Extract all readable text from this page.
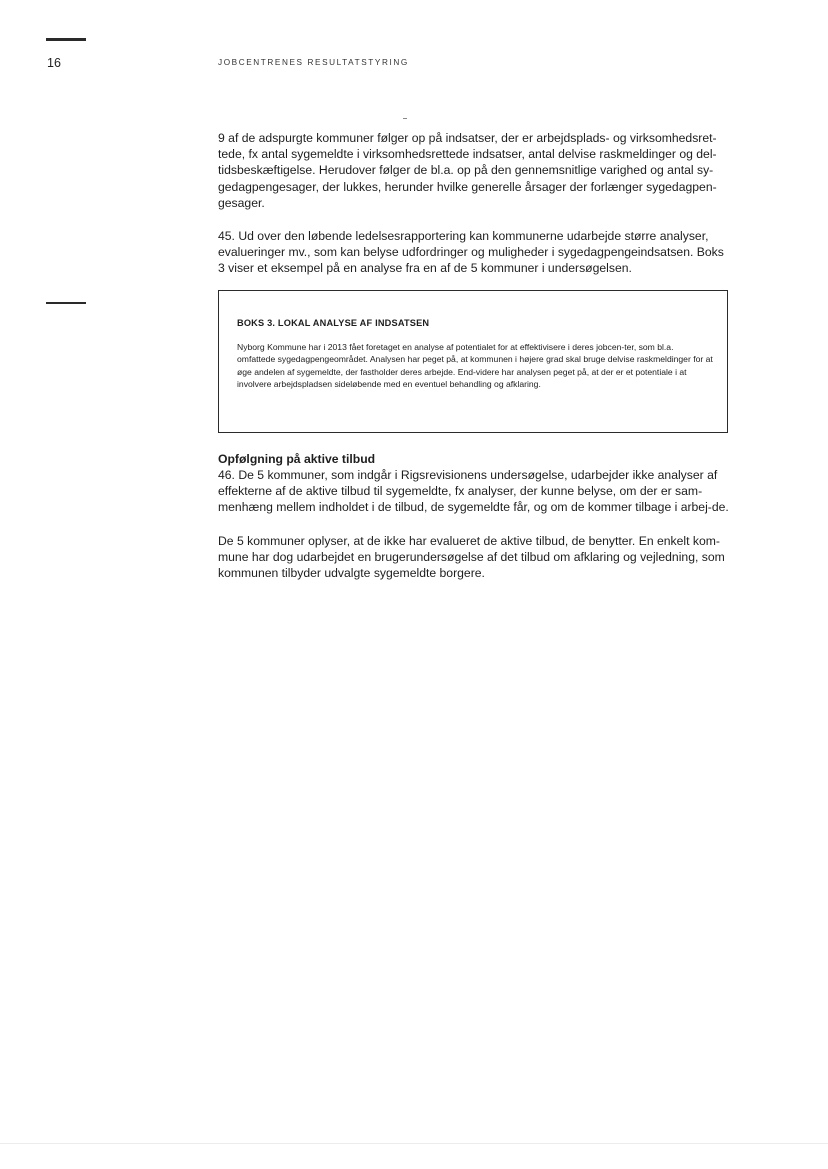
16	JOBCENTRENES RESULTATSTYRING

9 af de adspurgte kommuner følger op på indsatser, der er arbejdsplads- og virksomhedsret-tede, fx antal sygemeldte i virksomhedsrettede indsatser, antal delvise raskmeldinger og del-tidsbeskæftigelse. Herudover følger de bl.a. op på den gennemsnitlige varighed og antal sy-gedagpengesager, der lukkes, herunder hvilke generelle årsager der forlænger sygedagpen-gesager.

45. Ud over den løbende ledelsesrapportering kan kommunerne udarbejde større analyser, evalueringer mv., som kan belyse udfordringer og muligheder i sygedagpengeindsatsen. Boks 3 viser et eksempel på en analyse fra en af de 5 kommuner i undersøgelsen.

BOKS 3. LOKAL ANALYSE AF INDSATSEN

Nyborg Kommune har i 2013 fået foretaget en analyse af potentialet for at effektivisere i deres jobcen-ter, som bl.a. omfattede sygedagpengeområdet. Analysen har peget på, at kommunen i højere grad skal bruge delvise raskmeldinger for at øge andelen af sygemeldte, der fastholder deres arbejde. End-videre har analysen peget på, at der er et potentiale i at involvere arbejdspladsen sideløbende med en eventuel behandling og afklaring.

Opfølgning på aktive tilbud

46. De 5 kommuner, som indgår i Rigsrevisionens undersøgelse, udarbejder ikke analyser af effekterne af de aktive tilbud til sygemeldte, fx analyser, der kunne belyse, om der er sam-menhæng mellem indholdet i de tilbud, de sygemeldte får, og om de kommer tilbage i arbej-de.

De 5 kommuner oplyser, at de ikke har evalueret de aktive tilbud, de benytter. En enkelt kom-mune har dog udarbejdet en brugerundersøgelse af det tilbud om afklaring og vejledning, som kommunen tilbyder udvalgte sygemeldte borgere.
